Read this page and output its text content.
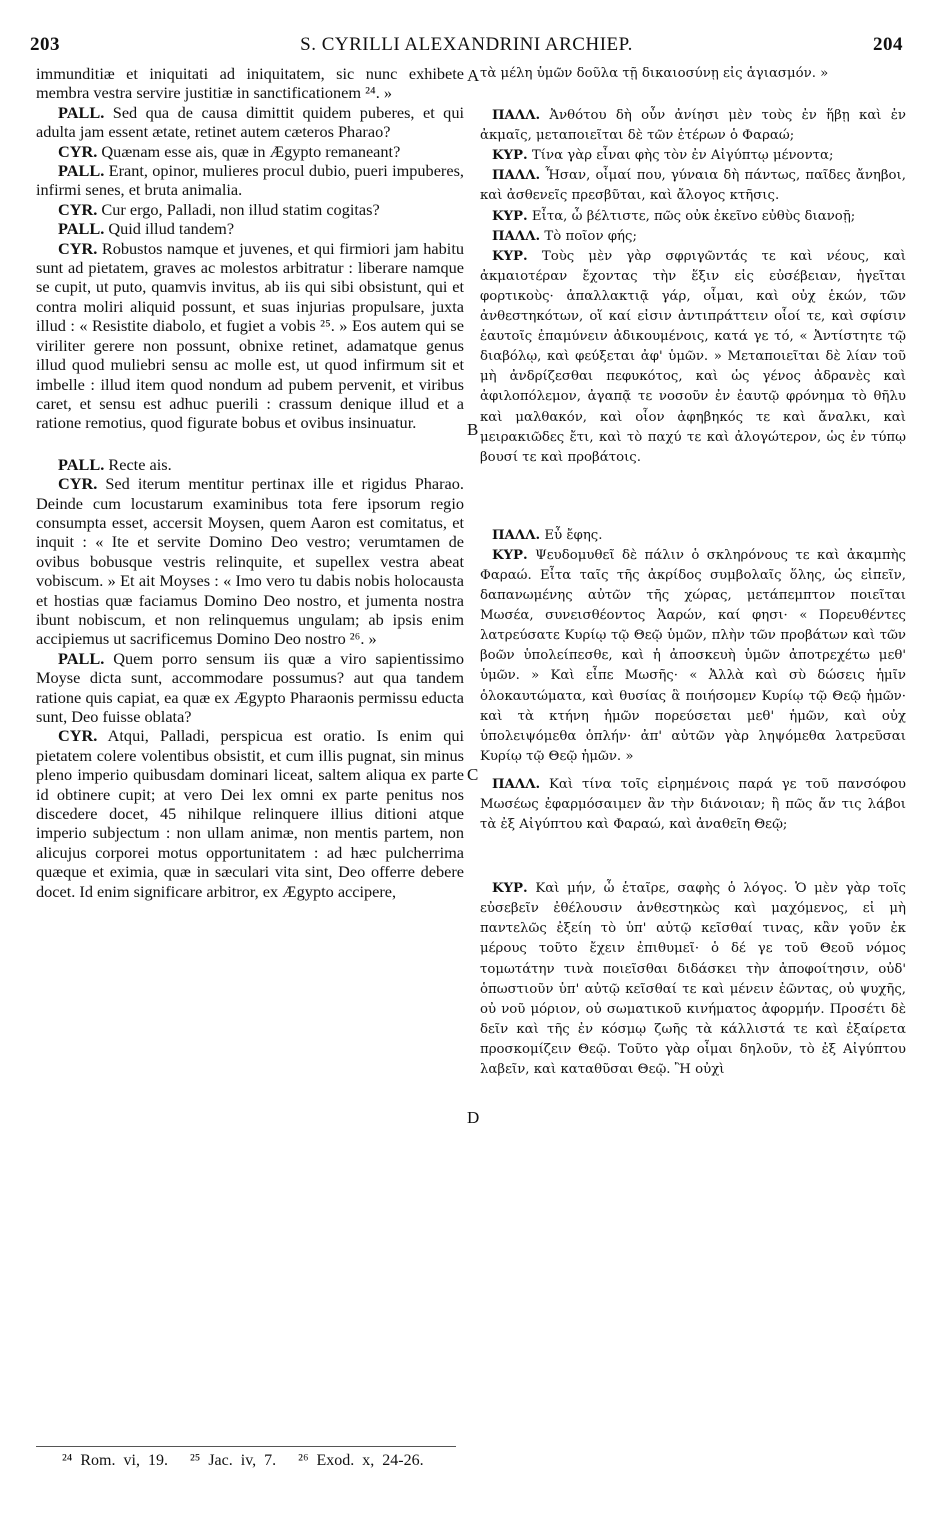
203	S. CYRILLI ALEXANDRINI ARCHIEP.	204

immunditiæ et iniquitati ad iniquitatem, sic nunc exhibete membra vestra servire justitiæ in sanctificationem ²⁴. »

PALL. Sed qua de causa dimittit quidem puberes, et qui adulta jam essent ætate, retinet autem cæteros Pharao?

CYR. Quænam esse ais, quæ in Ægypto remaneant?

PALL. Erant, opinor, mulieres procul dubio, pueri impuberes, infirmi senes, et bruta animalia.

CYR. Cur ergo, Palladi, non illud statim cogitas?

PALL. Quid illud tandem?

CYR. Robustos namque et juvenes, et qui firmiori jam habitu sunt ad pietatem, graves ac molestos arbitratur : liberare namque se cupit, ut puto, quamvis invitus, ab iis qui sibi obsistunt, qui et contra moliri aliquid possunt, et suas injurias propulsare, juxta illud : « Resistite diabolo, et fugiet a vobis ²⁵. » Eos autem qui se viriliter gerere non possunt, obnixe retinet, adamatque genus illud quod muliebri sensu ac molle est, ut quod infirmum sit et imbelle : illud item quod nondum ad pubem pervenit, et viribus caret, et sensu est adhuc puerili : crassum denique illud et a ratione remotius, quod figurate bobus et ovibus insinuatur.

PALL. Recte ais.

CYR. Sed iterum mentitur pertinax ille et rigidus Pharao. Deinde cum locustarum examinibus tota fere ipsorum regio consumpta esset, accersit Moysen, quem Aaron est comitatus, et inquit : « Ite et servite Domino Deo vestro; verumtamen de ovibus bobusque vestris relinquite, et supellex vestra abeat vobiscum. » Et ait Moyses : « Imo vero tu dabis nobis holocausta et hostias quæ faciamus Domino Deo nostro, et jumenta nostra ibunt nobiscum, et non relinquemus ungulam; ab ipsis enim accipiemus ut sacrificemus Domino Deo nostro ²⁶. »

PALL. Quem porro sensum iis quæ a viro sapientissimo Moyse dicta sunt, accommodare possumus? aut qua tandem ratione quis capiat, ea quæ ex Ægypto Pharaonis permissu educta sunt, Deo fuisse oblata?

CYR. Atqui, Palladi, perspicua est oratio. Is enim qui pietatem colere volentibus obsistit, et cum illis pugnat, sin minus pleno imperio quibusdam dominari liceat, saltem aliqua ex parte id obtinere cupit; at vero Dei lex omni ex parte penitus nos discedere docet, 45 nihilque relinquere illius ditioni atque imperio subjectum : non ullam animæ, non mentis partem, non alicujus corporei motus opportunitatem : ad hæc pulcherrima quæque et eximia, quæ in sæculari vita sint, Deo offerre debere docet. Id enim significare arbitror, ex Ægypto accipere,

τὰ μέλη ὑμῶν δοῦλα τῇ δικαιοσύνῃ εἰς ἁγιασμόν. »

ΠΑΛΛ. Ἀνθότου δὴ οὖν ἀνίησι μὲν τοὺς ἐν ἥβῃ καὶ ἐν ἀκμαῖς, μεταποιεῖται δὲ τῶν ἑτέρων ὁ Φαραώ;

ΚΥΡ. Τίνα γὰρ εἶναι φὴς τὸν ἐν Αἰγύπτῳ μένοντα;

ΠΑΛΛ. Ἦσαν, οἶμαί που, γύναια δὴ πάντως, παῖδες ἄνηβοι, καὶ ἀσθενεῖς πρεσβῦται, καὶ ἄλογος κτῆσις.

ΚΥΡ. Εἶτα, ὦ βέλτιστε, πῶς οὐκ ἐκεῖνο εὐθὺς διανοῇ;

ΠΑΛΛ. Τὸ ποῖον φής;

ΚΥΡ. Τοὺς μὲν γὰρ σφριγῶντάς τε καὶ νέους, καὶ ἀκμαιοτέραν ἔχοντας τὴν ἕξιν εἰς εὐσέβειαν, ἡγεῖται φορτικοὺς· ἀπαλλακτιᾷ γάρ, οἶμαι, καὶ οὐχ ἑκών, τῶν ἀνθεστηκότων, οἵ καί εἰσιν ἀντιπράττειν οἷοί τε, καὶ σφίσιν ἑαυτοῖς ἐπαμύνειν ἀδικουμένοις, κατά γε τό, « Ἀντίστητε τῷ διαβόλῳ, καὶ φεύξεται ἀφ' ὑμῶν. » Μεταποιεῖται δὲ λίαν τοῦ μὴ ἀνδρίζεσθαι πεφυκότος, καὶ ὡς γένος ἀδρανὲς καὶ ἀφιλοπόλεμον, ἀγαπᾷ τε νοσοῦν ἐν ἑαυτῷ φρόνημα τὸ θῆλυ καὶ μαλθακόν, καὶ οἷον ἀφηβηκός τε καὶ ἄναλκι, καὶ μειρακιῶδες ἔτι, καὶ τὸ παχύ τε καὶ ἀλογώτερον, ὡς ἐν τύπῳ βουσί τε καὶ προβάτοις.

ΠΑΛΛ. Εὖ ἔφης.

ΚΥΡ. Ψευδομυθεῖ δὲ πάλιν ὁ σκληρόνους τε καὶ ἀκαμπὴς Φαραώ. Εἶτα ταῖς τῆς ἀκρίδος συμβολαῖς ὅλης, ὡς εἰπεῖν, δαπανωμένης αὐτῶν τῆς χώρας, μετάπεμπτον ποιεῖται Μωσέα, συνεισθέοντος Ἀαρών, καί φησι· « Πορευθέντες λατρεύσατε Κυρίῳ τῷ Θεῷ ὑμῶν, πλὴν τῶν προβάτων καὶ τῶν βοῶν ὑπολείπεσθε, καὶ ἡ ἀποσκευὴ ὑμῶν ἀποτρεχέτω μεθ' ὑμῶν. » Καὶ εἶπε Μωσῆς· « Ἀλλὰ καὶ σὺ δώσεις ἡμῖν ὁλοκαυτώματα, καὶ θυσίας ἃ ποιήσομεν Κυρίῳ τῷ Θεῷ ἡμῶν· καὶ τὰ κτήνη ἡμῶν πορεύσεται μεθ' ἡμῶν, καὶ οὐχ ὑπολειψόμεθα ὁπλήν· ἀπ' αὐτῶν γὰρ ληψόμεθα λατρεῦσαι Κυρίῳ τῷ Θεῷ ἡμῶν. »

ΠΑΛΛ. Καὶ τίνα τοῖς εἰρημένοις παρά γε τοῦ πανσόφου Μωσέως ἐφαρμόσαιμεν ἂν τὴν διάνοιαν; ἢ πῶς ἄν τις λάβοι τὰ ἐξ Αἰγύπτου καὶ Φαραώ, καὶ ἀναθεῖη Θεῷ;

ΚΥΡ. Καὶ μήν, ὦ ἑταῖρε, σαφὴς ὁ λόγος. Ὁ μὲν γὰρ τοῖς εὐσεβεῖν ἐθέλουσιν ἀνθεστηκὼς καὶ μαχόμενος, εἰ μὴ παντελῶς ἐξείη τὸ ὑπ' αὐτῷ κεῖσθαί τινας, κἂν γοῦν ἐκ μέρους τοῦτο ἔχειν ἐπιθυμεῖ· ὁ δέ γε τοῦ Θεοῦ νόμος τομωτάτην τινὰ ποιεῖσθαι διδάσκει τὴν ἀποφοίτησιν, οὐδ' ὁπωστιοῦν ὑπ' αὐτῷ κεῖσθαί τε καὶ μένειν ἐῶντας, οὐ ψυχῆς, οὐ νοῦ μόριον, οὐ σωματικοῦ κινήματος ἀφορμήν. Προσέτι δὲ δεῖν καὶ τῆς ἐν κόσμῳ ζωῆς τὰ κάλλιστά τε καὶ ἐξαίρετα προσκομίζειν Θεῷ. Τοῦτο γὰρ οἶμαι δηλοῦν, τὸ ἐξ Αἰγύπτου λαβεῖν, καὶ καταθῦσαι Θεῷ. Ἢ οὐχὶ

A
B
C
D
²⁴ Rom. vi, 19. ²⁵ Jac. iv, 7. ²⁶ Exod. x, 24-26.
